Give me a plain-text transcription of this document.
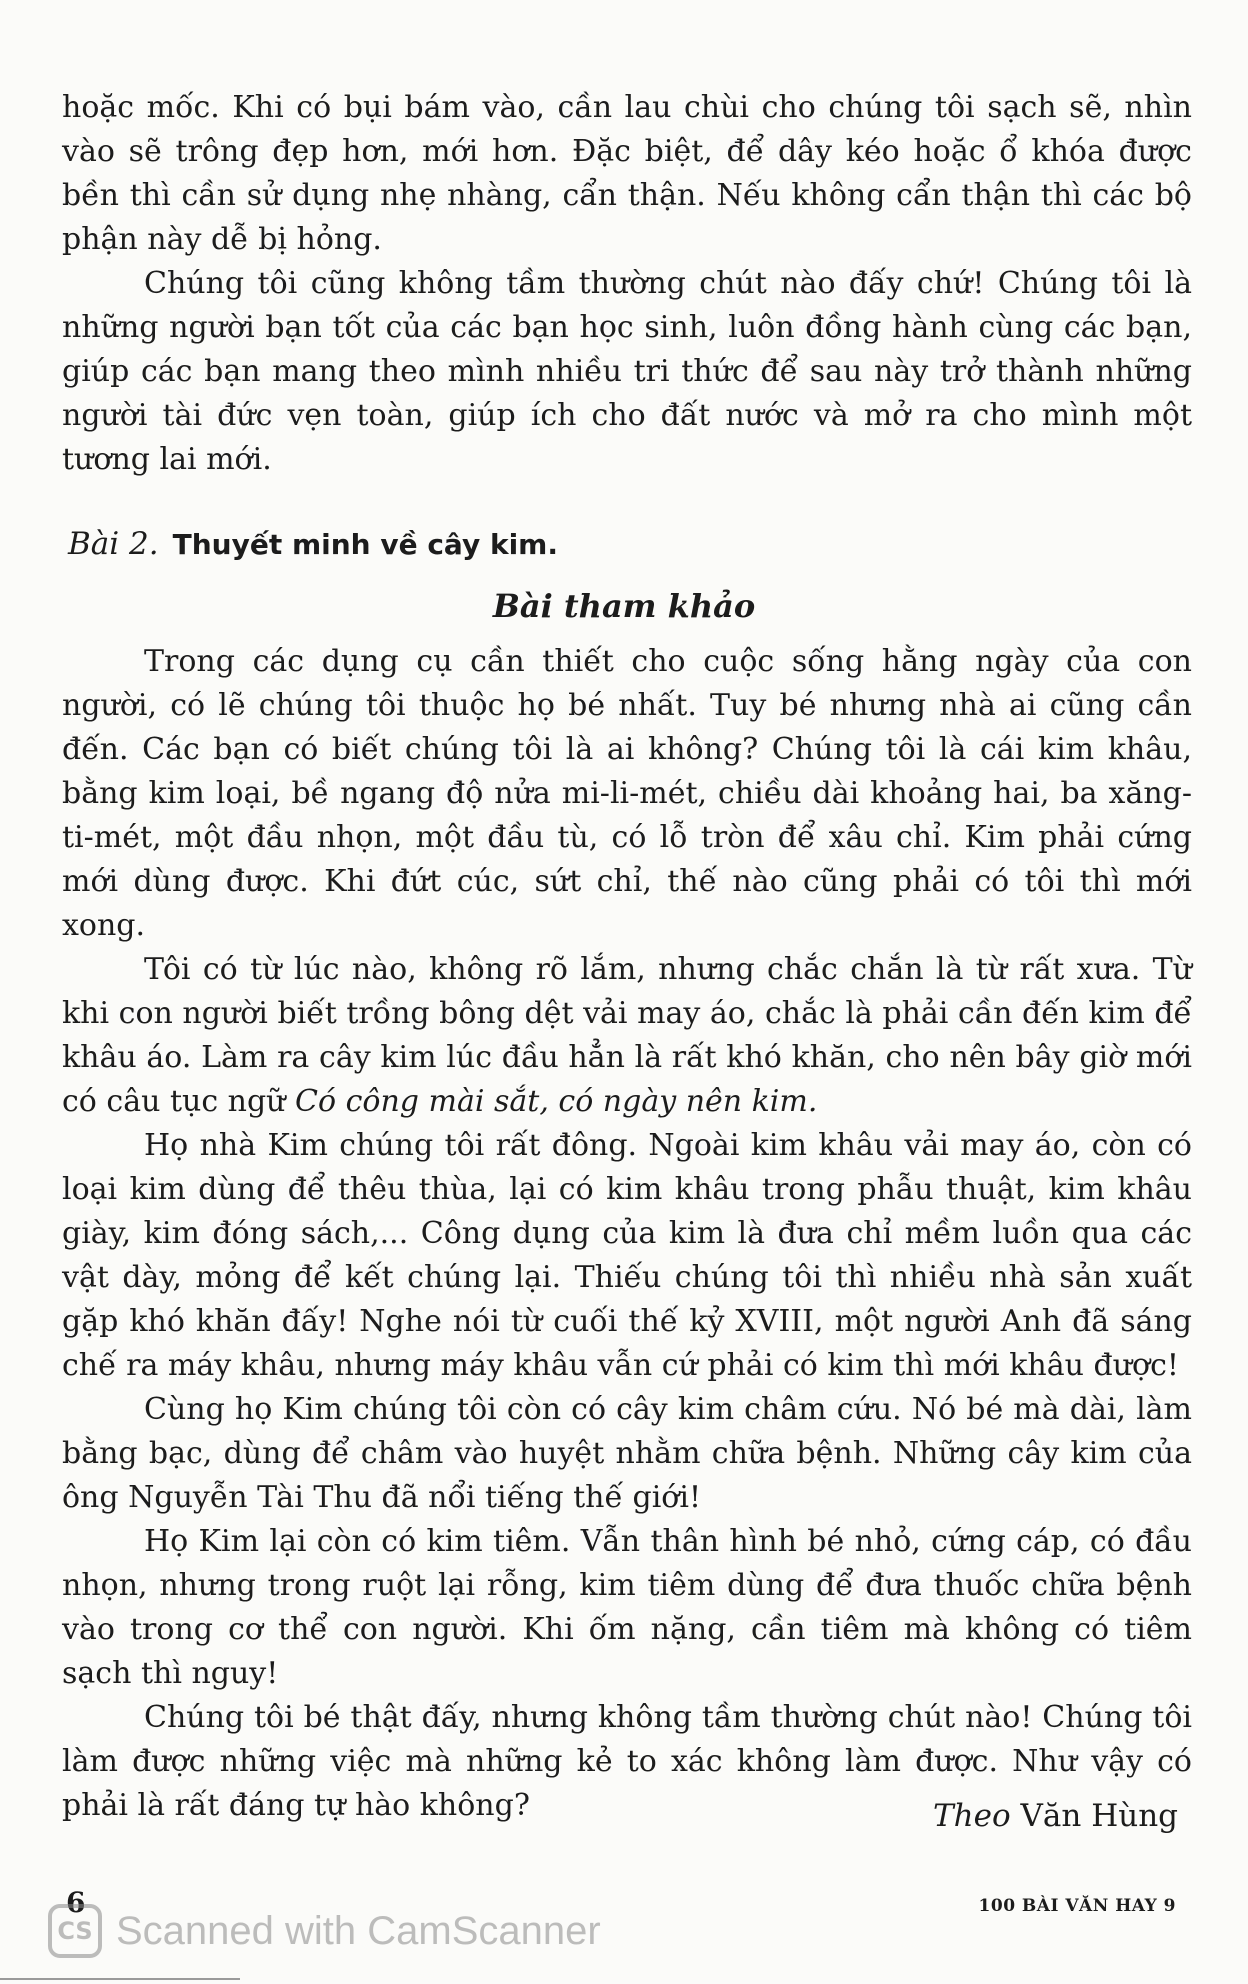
hoặc mốc. Khi có bụi bám vào, cần lau chùi cho chúng tôi sạch sẽ, nhìn vào sẽ trông đẹp hơn, mới hơn. Đặc biệt, để dây kéo hoặc ổ khóa được bền thì cần sử dụng nhẹ nhàng, cẩn thận. Nếu không cẩn thận thì các bộ phận này dễ bị hỏng.

Chúng tôi cũng không tầm thường chút nào đấy chứ! Chúng tôi là những người bạn tốt của các bạn học sinh, luôn đồng hành cùng các bạn, giúp các bạn mang theo mình nhiều tri thức để sau này trở thành những người tài đức vẹn toàn, giúp ích cho đất nước và mở ra cho mình một tương lai mới.

Bài 2. Thuyết minh về cây kim.
Bài tham khảo

Trong các dụng cụ cần thiết cho cuộc sống hằng ngày của con người, có lẽ chúng tôi thuộc họ bé nhất. Tuy bé nhưng nhà ai cũng cần đến. Các bạn có biết chúng tôi là ai không? Chúng tôi là cái kim khâu, bằng kim loại, bề ngang độ nửa mi-li-mét, chiều dài khoảng hai, ba xăng-ti-mét, một đầu nhọn, một đầu tù, có lỗ tròn để xâu chỉ. Kim phải cứng mới dùng được. Khi đứt cúc, sứt chỉ, thế nào cũng phải có tôi thì mới xong.

Tôi có từ lúc nào, không rõ lắm, nhưng chắc chắn là từ rất xưa. Từ khi con người biết trồng bông dệt vải may áo, chắc là phải cần đến kim để khâu áo. Làm ra cây kim lúc đầu hẳn là rất khó khăn, cho nên bây giờ mới có câu tục ngữ Có công mài sắt, có ngày nên kim.

Họ nhà Kim chúng tôi rất đông. Ngoài kim khâu vải may áo, còn có loại kim dùng để thêu thùa, lại có kim khâu trong phẫu thuật, kim khâu giày, kim đóng sách,... Công dụng của kim là đưa chỉ mềm luồn qua các vật dày, mỏng để kết chúng lại. Thiếu chúng tôi thì nhiều nhà sản xuất gặp khó khăn đấy! Nghe nói từ cuối thế kỷ XVIII, một người Anh đã sáng chế ra máy khâu, nhưng máy khâu vẫn cứ phải có kim thì mới khâu được!

Cùng họ Kim chúng tôi còn có cây kim châm cứu. Nó bé mà dài, làm bằng bạc, dùng để châm vào huyệt nhằm chữa bệnh. Những cây kim của ông Nguyễn Tài Thu đã nổi tiếng thế giới!

Họ Kim lại còn có kim tiêm. Vẫn thân hình bé nhỏ, cứng cáp, có đầu nhọn, nhưng trong ruột lại rỗng, kim tiêm dùng để đưa thuốc chữa bệnh vào trong cơ thể con người. Khi ốm nặng, cần tiêm mà không có tiêm sạch thì nguy!

Chúng tôi bé thật đấy, nhưng không tầm thường chút nào! Chúng tôi làm được những việc mà những kẻ to xác không làm được. Như vậy có phải là rất đáng tự hào không?	Theo Văn Hùng
6	100 BÀI VĂN HAY 9
CS Scanned with CamScanner
